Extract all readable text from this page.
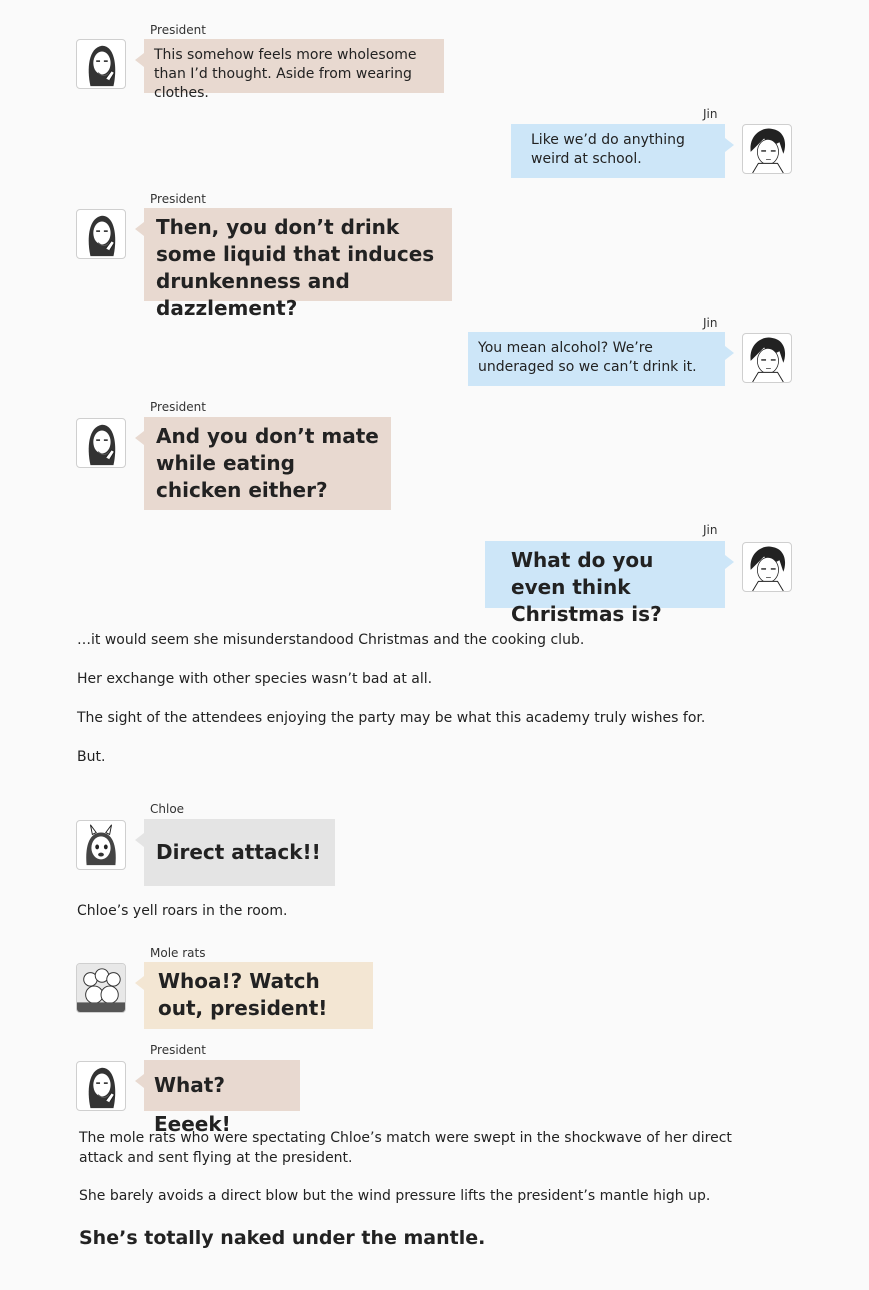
President
This somehow feels more wholesome than I’d thought. Aside from wearing clothes.
Jin
Like we’d do anything weird at school.
President
Then, you don’t drink some liquid that induces drunkenness and dazzlement?
Jin
You mean alcohol? We’re underaged so we can’t drink it.
President
And you don’t mate while eating chicken either?
Jin
What do you even think Christmas is?
…it would seem she misunderstandood Christmas and the cooking club.
Her exchange with other species wasn’t bad at all.
The sight of the attendees enjoying the party may be what this academy truly wishes for.
But.
Chloe
Direct attack!!
Chloe’s yell roars in the room.
Mole rats
Whoa!? Watch out, president!
President
What? Eeeek!
The mole rats who were spectating Chloe’s match were swept in the shockwave of her direct attack and sent flying at the president.
She barely avoids a direct blow but the wind pressure lifts the president’s mantle high up.
She’s totally naked under the mantle.
